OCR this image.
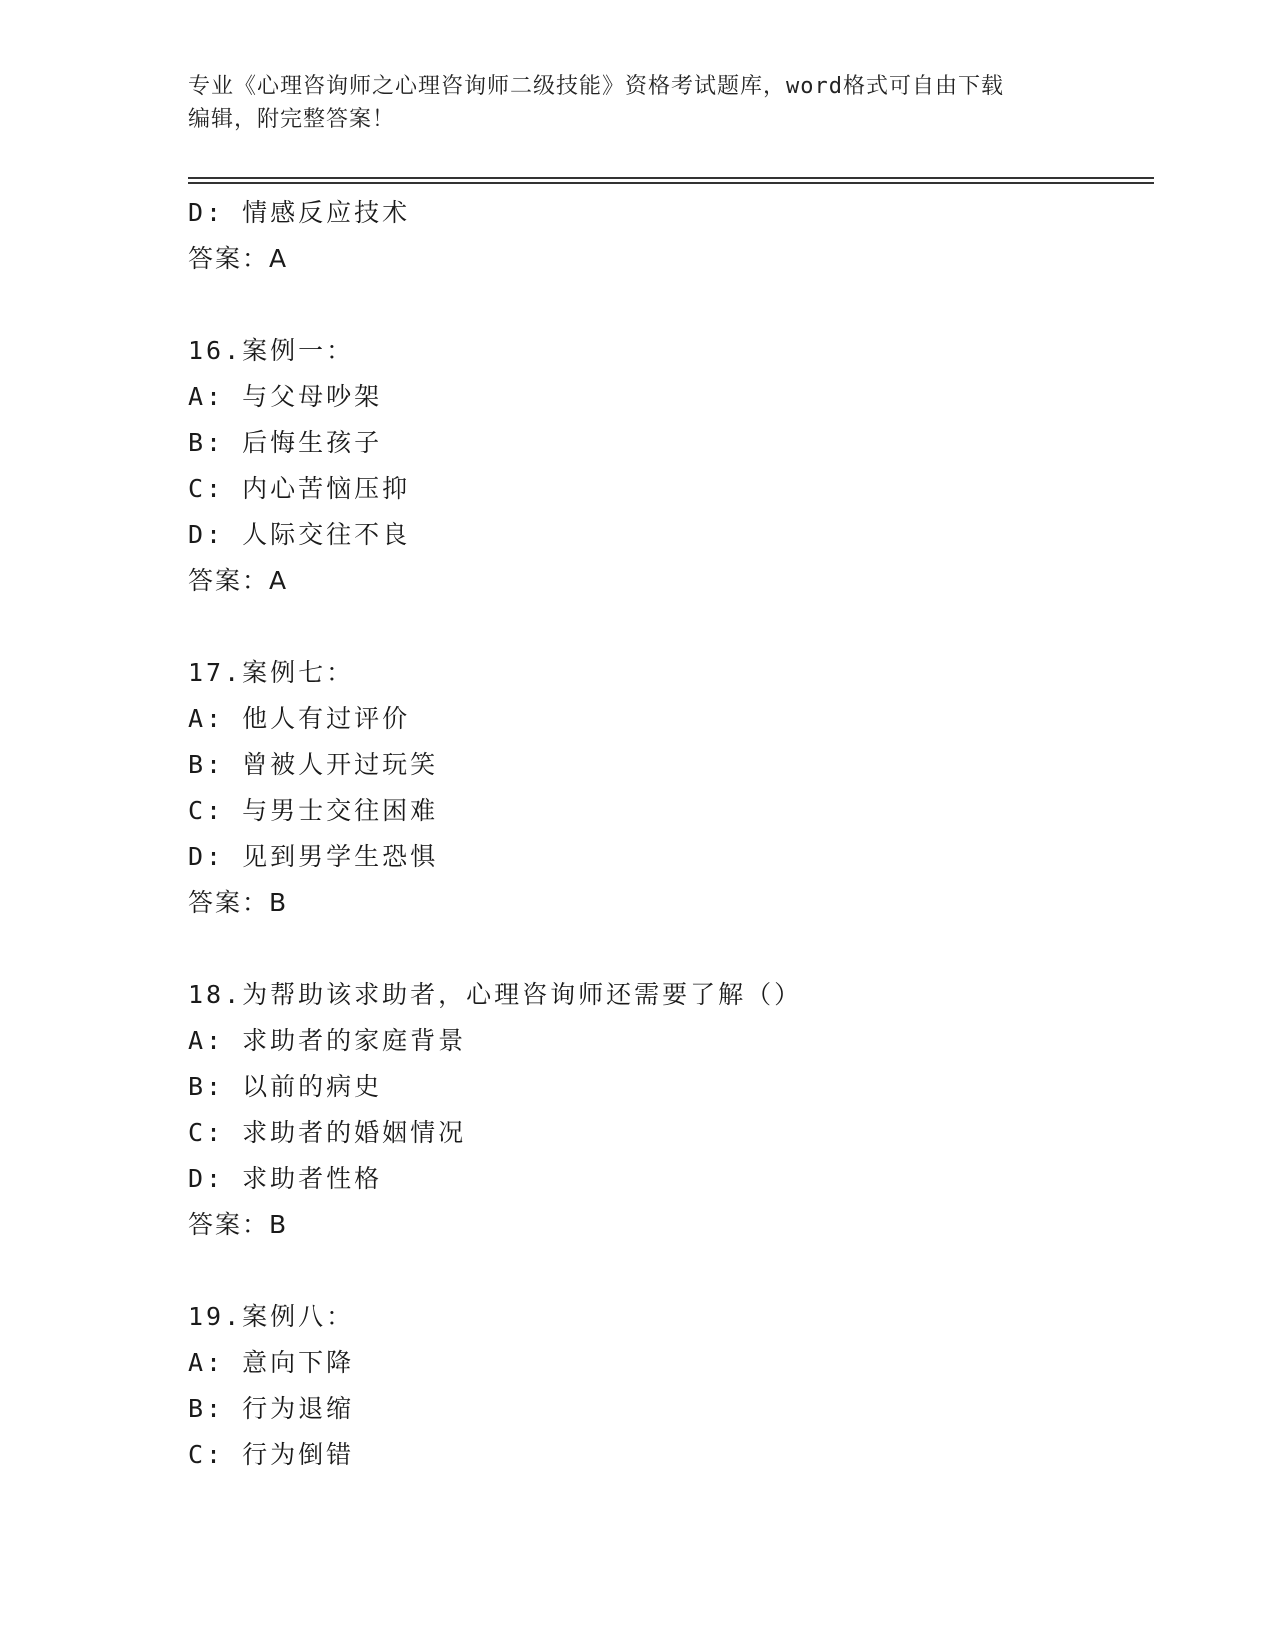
专业《心理咨询师之心理咨询师二级技能》资格考试题库，word格式可自由下载
编辑，附完整答案！
D: 情感反应技术
答案：A
16.案例一：
A: 与父母吵架
B: 后悔生孩子
C: 内心苦恼压抑
D: 人际交往不良
答案：A
17.案例七：
A: 他人有过评价
B: 曾被人开过玩笑
C: 与男士交往困难
D: 见到男学生恐惧
答案：B
18.为帮助该求助者，心理咨询师还需要了解（）
A: 求助者的家庭背景
B: 以前的病史
C: 求助者的婚姻情况
D: 求助者性格
答案：B
19.案例八：
A: 意向下降
B: 行为退缩
C: 行为倒错
